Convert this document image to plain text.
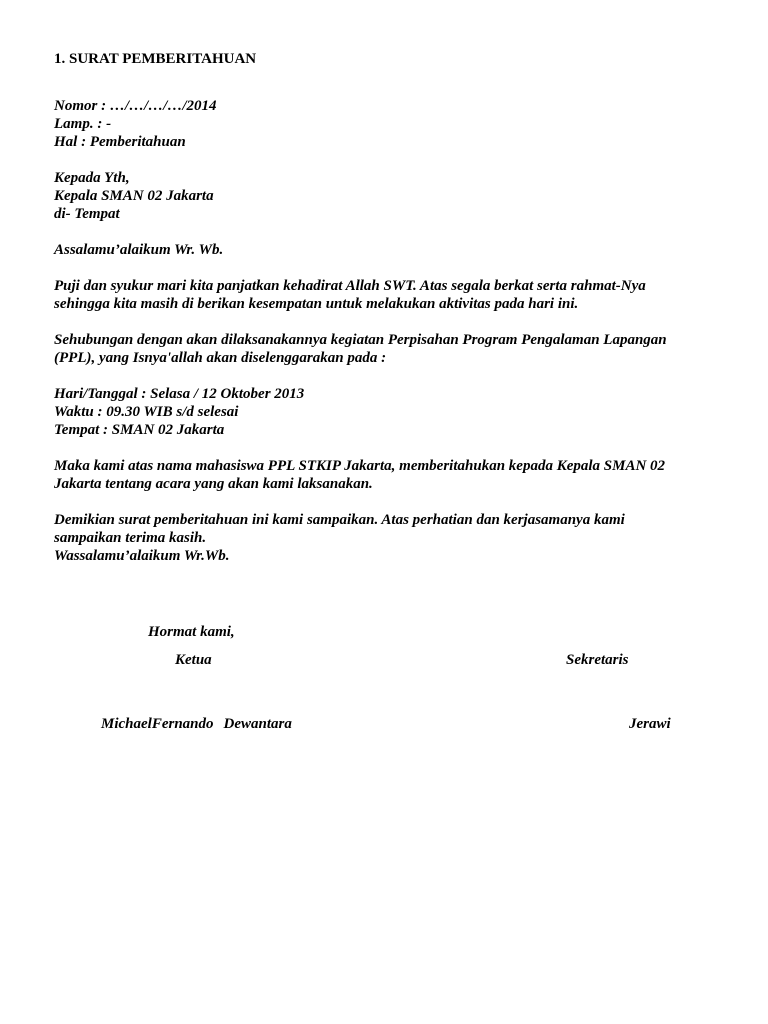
1. SURAT PEMBERITAHUAN
Nomor : …/…/…/…/2014
Lamp. : -
Hal : Pemberitahuan
Kepada Yth,
Kepala SMAN 02 Jakarta
di- Tempat
Assalamu’alaikum Wr. Wb.
Puji dan syukur mari kita panjatkan kehadirat Allah SWT. Atas segala berkat serta rahmat-Nya
sehingga kita masih di berikan kesempatan untuk melakukan aktivitas pada hari ini.
Sehubungan dengan akan dilaksanakannya kegiatan Perpisahan Program Pengalaman Lapangan
(PPL), yang Isnya'allah akan diselenggarakan pada :
Hari/Tanggal : Selasa / 12 Oktober 2013
Waktu : 09.30 WIB s/d selesai
Tempat : SMAN 02 Jakarta
Maka kami atas nama mahasiswa PPL STKIP Jakarta, memberitahukan kepada Kepala SMAN 02
Jakarta tentang acara yang akan kami laksanakan.
Demikian surat pemberitahuan ini kami sampaikan. Atas perhatian dan kerjasamanya kami
sampaikan terima kasih.
Wassalamu’alaikum Wr.Wb.
Hormat kami,
Ketua	Sekretaris
MichaelFernando Dewantara	Jerawi
